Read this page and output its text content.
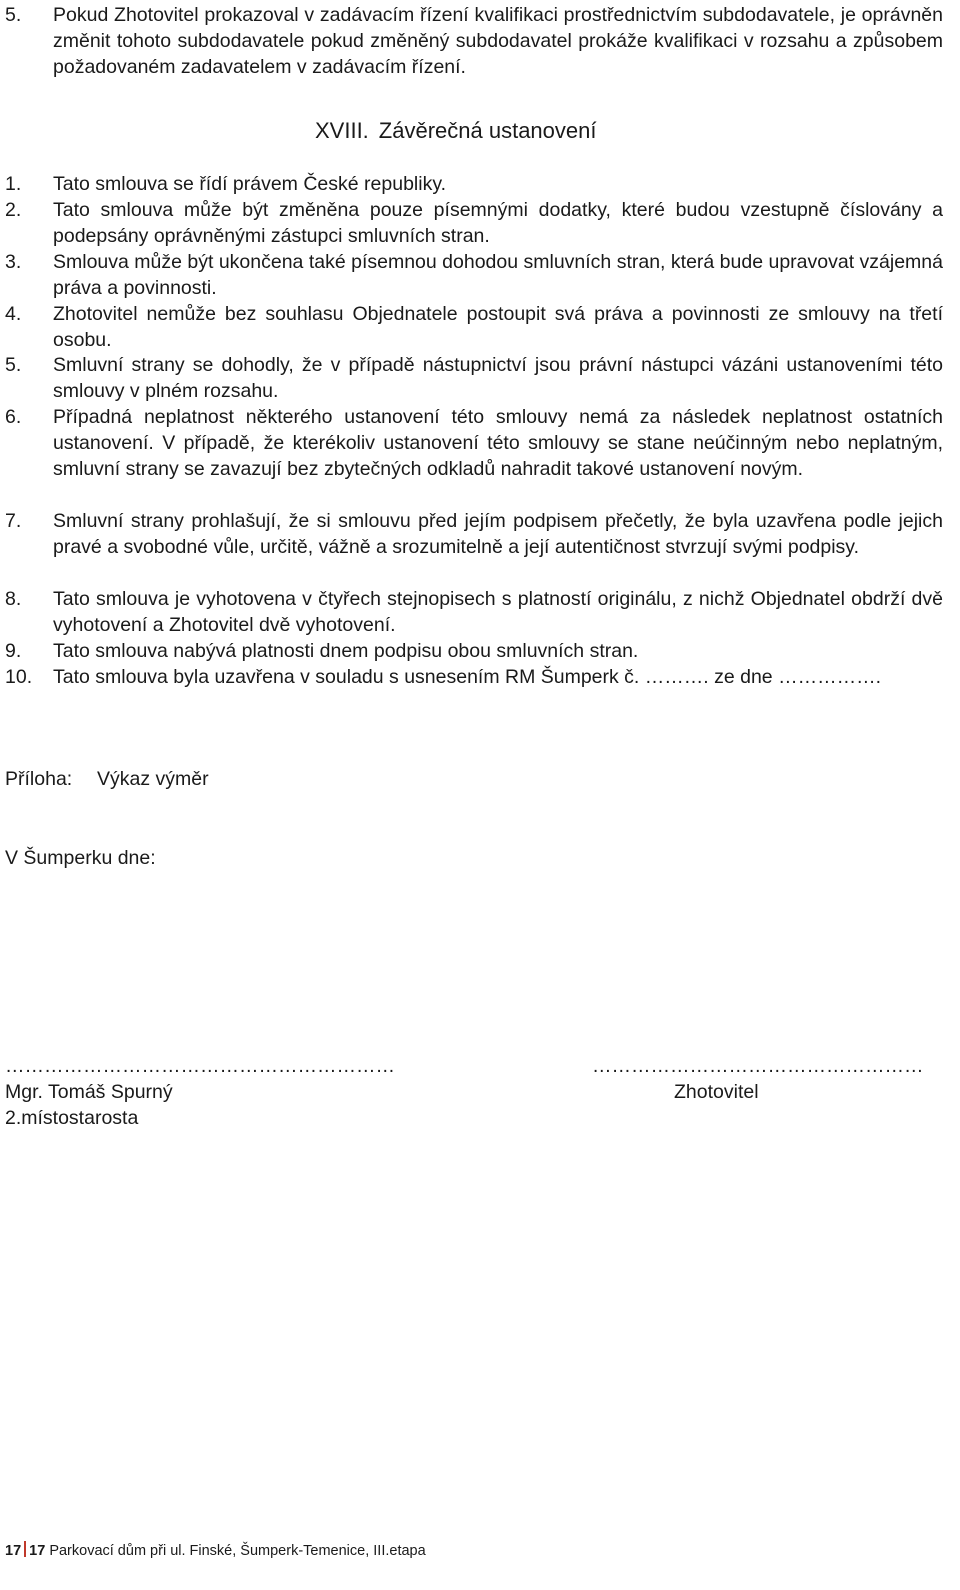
5. Pokud Zhotovitel prokazoval v zadávacím řízení kvalifikaci prostřednictvím subdodavatele, je oprávněn změnit tohoto subdodavatele pokud změněný subdodavatel prokáže kvalifikaci v rozsahu a způsobem požadovaném zadavatelem v zadávacím řízení.
XVIII. Závěrečná ustanovení
1. Tato smlouva se řídí právem České republiky.
2. Tato smlouva může být změněna pouze písemnými dodatky, které budou vzestupně číslovány a podepsány oprávněnými zástupci smluvních stran.
3. Smlouva může být ukončena také písemnou dohodou smluvních stran, která bude upravovat vzájemná práva a povinnosti.
4. Zhotovitel nemůže bez souhlasu Objednatele postoupit svá práva a povinnosti ze smlouvy na třetí osobu.
5. Smluvní strany se dohodly, že v případě nástupnictví jsou právní nástupci vázáni ustanoveními této smlouvy v plném rozsahu.
6. Případná neplatnost některého ustanovení této smlouvy nemá za následek neplatnost ostatních ustanovení. V případě, že kterékoliv ustanovení této smlouvy se stane neúčinným nebo neplatným, smluvní strany se zavazují bez zbytečných odkladů nahradit takové ustanovení novým.
7. Smluvní strany prohlašují, že si smlouvu před jejím podpisem přečetly, že byla uzavřena podle jejich pravé a svobodné vůle, určitě, vážně a srozumitelně a její autentičnost stvrzují svými podpisy.
8. Tato smlouva je vyhotovena v čtyřech stejnopisech s platností originálu, z nichž Objednatel obdrží dvě vyhotovení a Zhotovitel dvě vyhotovení.
9. Tato smlouva nabývá platnosti dnem podpisu obou smluvních stran.
10. Tato smlouva byla uzavřena v souladu s usnesením RM Šumperk č. ………. ze dne …………….
Příloha: Výkaz výměr
V Šumperku dne:
……………………………………………………
Mgr. Tomáš Spurný
2.místostarosta
……………………………………………
Zhotovitel
17 17 Parkovací dům při ul. Finské, Šumperk-Temenice, III.etapa
